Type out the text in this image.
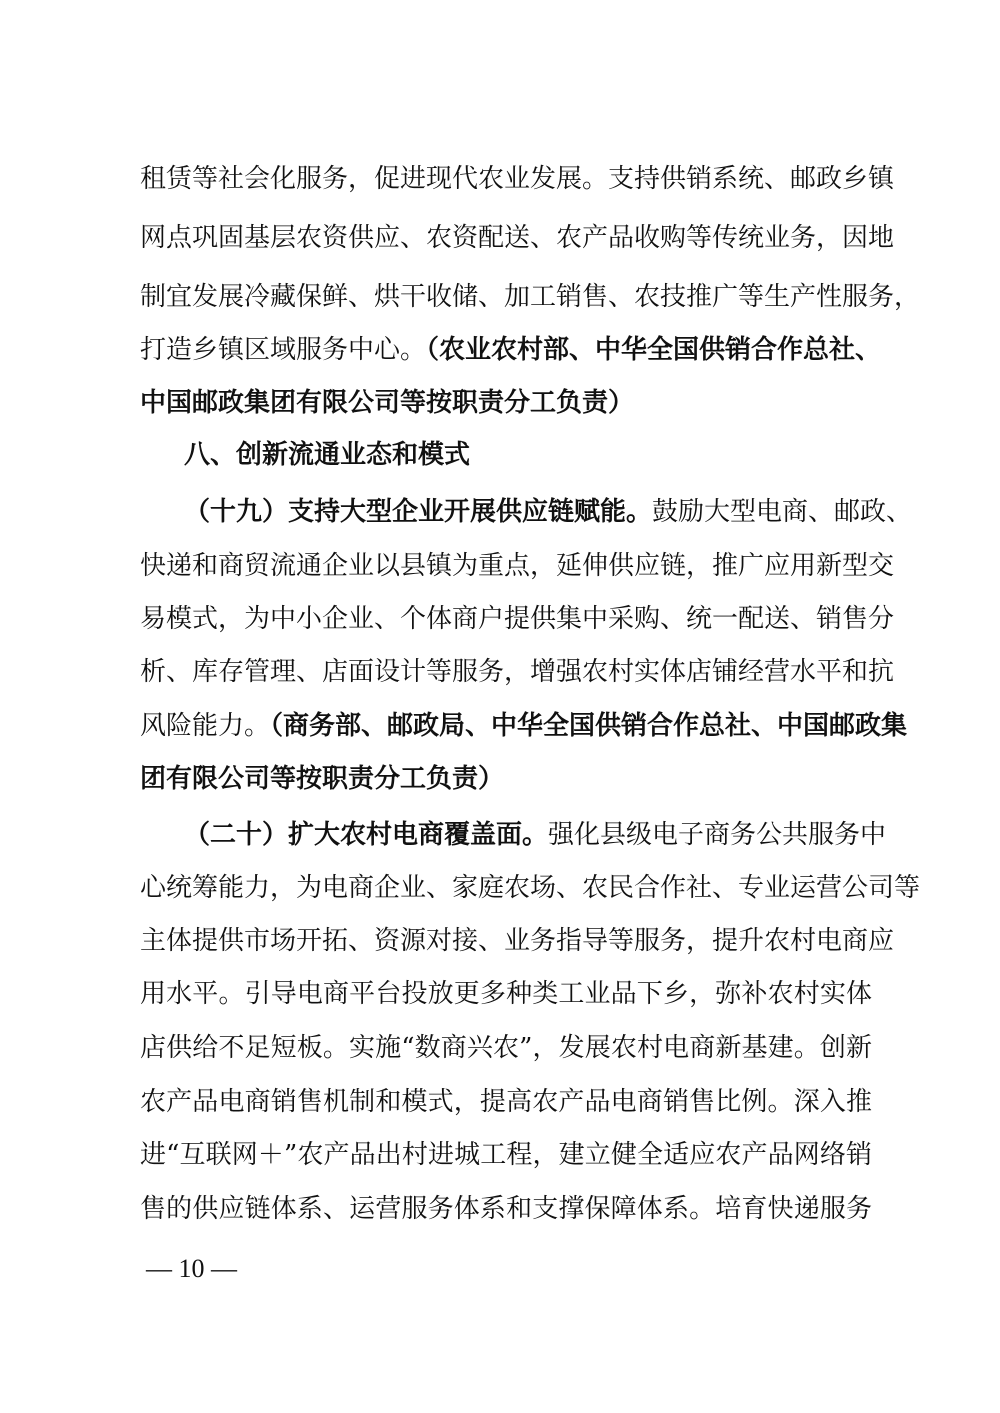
租赁等社会化服务，促进现代农业发展。支持供销系统、邮政乡镇
网点巩固基层农资供应、农资配送、农产品收购等传统业务，因地
制宜发展冷藏保鲜、烘干收储、加工销售、农技推广等生产性服务，
打造乡镇区域服务中心。（农业农村部、中华全国供销合作总社、
中国邮政集团有限公司等按职责分工负责）
八、创新流通业态和模式
（十九）支持大型企业开展供应链赋能。鼓励大型电商、邮政、
快递和商贸流通企业以县镇为重点，延伸供应链，推广应用新型交
易模式，为中小企业、个体商户提供集中采购、统一配送、销售分
析、库存管理、店面设计等服务，增强农村实体店铺经营水平和抗
风险能力。（商务部、邮政局、中华全国供销合作总社、中国邮政集
团有限公司等按职责分工负责）
（二十）扩大农村电商覆盖面。强化县级电子商务公共服务中
心统筹能力，为电商企业、家庭农场、农民合作社、专业运营公司等
主体提供市场开拓、资源对接、业务指导等服务，提升农村电商应
用水平。引导电商平台投放更多种类工业品下乡，弥补农村实体
店供给不足短板。实施“数商兴农”，发展农村电商新基建。创新
农产品电商销售机制和模式，提高农产品电商销售比例。深入推
进“互联网＋”农产品出村进城工程，建立健全适应农产品网络销
售的供应链体系、运营服务体系和支撑保障体系。培育快递服务
— 10 —
